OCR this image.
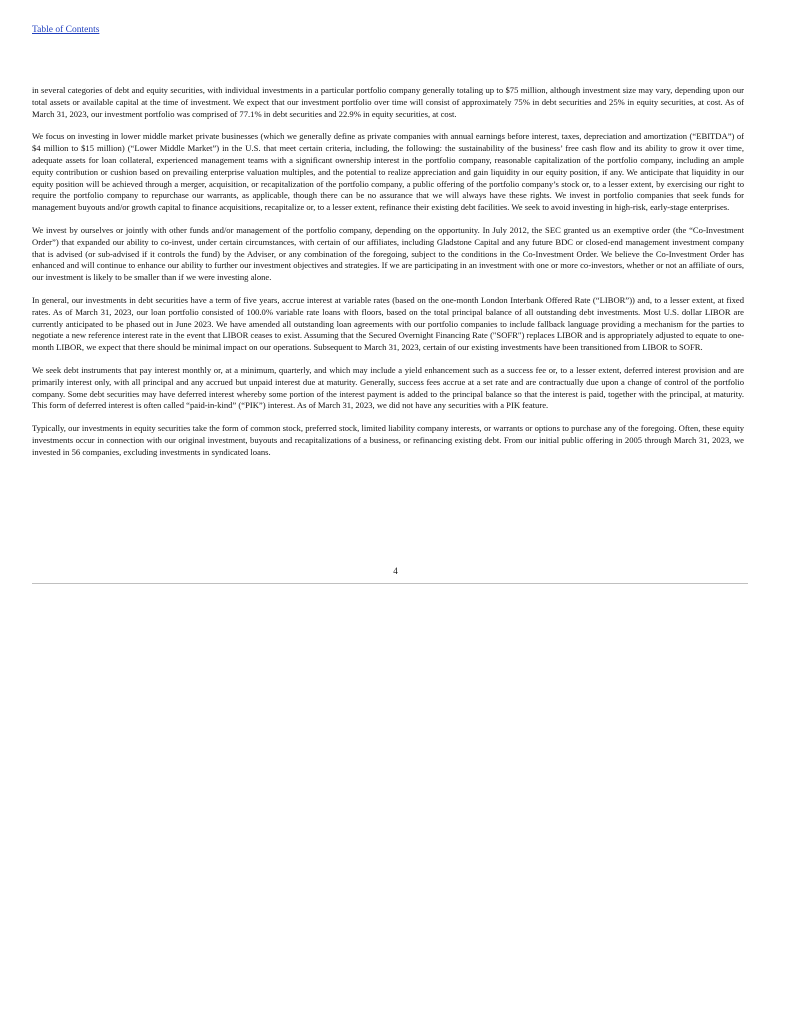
Table of Contents

in several categories of debt and equity securities, with individual investments in a particular portfolio company generally totaling up to $75 million, although investment size may vary, depending upon our total assets or available capital at the time of investment. We expect that our investment portfolio over time will consist of approximately 75% in debt securities and 25% in equity securities, at cost. As of March 31, 2023, our investment portfolio was comprised of 77.1% in debt securities and 22.9% in equity securities, at cost.

We focus on investing in lower middle market private businesses (which we generally define as private companies with annual earnings before interest, taxes, depreciation and amortization (“EBITDA”) of $4 million to $15 million) (“Lower Middle Market”) in the U.S. that meet certain criteria, including, the following: the sustainability of the business’ free cash flow and its ability to grow it over time, adequate assets for loan collateral, experienced management teams with a significant ownership interest in the portfolio company, reasonable capitalization of the portfolio company, including an ample equity contribution or cushion based on prevailing enterprise valuation multiples, and the potential to realize appreciation and gain liquidity in our equity position, if any. We anticipate that liquidity in our equity position will be achieved through a merger, acquisition, or recapitalization of the portfolio company, a public offering of the portfolio company’s stock or, to a lesser extent, by exercising our right to require the portfolio company to repurchase our warrants, as applicable, though there can be no assurance that we will always have these rights. We invest in portfolio companies that seek funds for management buyouts and/or growth capital to finance acquisitions, recapitalize or, to a lesser extent, refinance their existing debt facilities. We seek to avoid investing in high-risk, early-stage enterprises.

We invest by ourselves or jointly with other funds and/or management of the portfolio company, depending on the opportunity. In July 2012, the SEC granted us an exemptive order (the “Co-Investment Order”) that expanded our ability to co-invest, under certain circumstances, with certain of our affiliates, including Gladstone Capital and any future BDC or closed-end management investment company that is advised (or sub-advised if it controls the fund) by the Adviser, or any combination of the foregoing, subject to the conditions in the Co-Investment Order. We believe the Co-Investment Order has enhanced and will continue to enhance our ability to further our investment objectives and strategies. If we are participating in an investment with one or more co-investors, whether or not an affiliate of ours, our investment is likely to be smaller than if we were investing alone.

In general, our investments in debt securities have a term of five years, accrue interest at variable rates (based on the one-month London Interbank Offered Rate (“LIBOR”)) and, to a lesser extent, at fixed rates. As of March 31, 2023, our loan portfolio consisted of 100.0% variable rate loans with floors, based on the total principal balance of all outstanding debt investments. Most U.S. dollar LIBOR are currently anticipated to be phased out in June 2023. We have amended all outstanding loan agreements with our portfolio companies to include fallback language providing a mechanism for the parties to negotiate a new reference interest rate in the event that LIBOR ceases to exist. Assuming that the Secured Overnight Financing Rate ("SOFR") replaces LIBOR and is appropriately adjusted to equate to one-month LIBOR, we expect that there should be minimal impact on our operations. Subsequent to March 31, 2023, certain of our existing investments have been transitioned from LIBOR to SOFR.

We seek debt instruments that pay interest monthly or, at a minimum, quarterly, and which may include a yield enhancement such as a success fee or, to a lesser extent, deferred interest provision and are primarily interest only, with all principal and any accrued but unpaid interest due at maturity. Generally, success fees accrue at a set rate and are contractually due upon a change of control of the portfolio company. Some debt securities may have deferred interest whereby some portion of the interest payment is added to the principal balance so that the interest is paid, together with the principal, at maturity. This form of deferred interest is often called “paid-in-kind” (“PIK”) interest. As of March 31, 2023, we did not have any securities with a PIK feature.

Typically, our investments in equity securities take the form of common stock, preferred stock, limited liability company interests, or warrants or options to purchase any of the foregoing. Often, these equity investments occur in connection with our original investment, buyouts and recapitalizations of a business, or refinancing existing debt. From our initial public offering in 2005 through March 31, 2023, we invested in 56 companies, excluding investments in syndicated loans.

4
